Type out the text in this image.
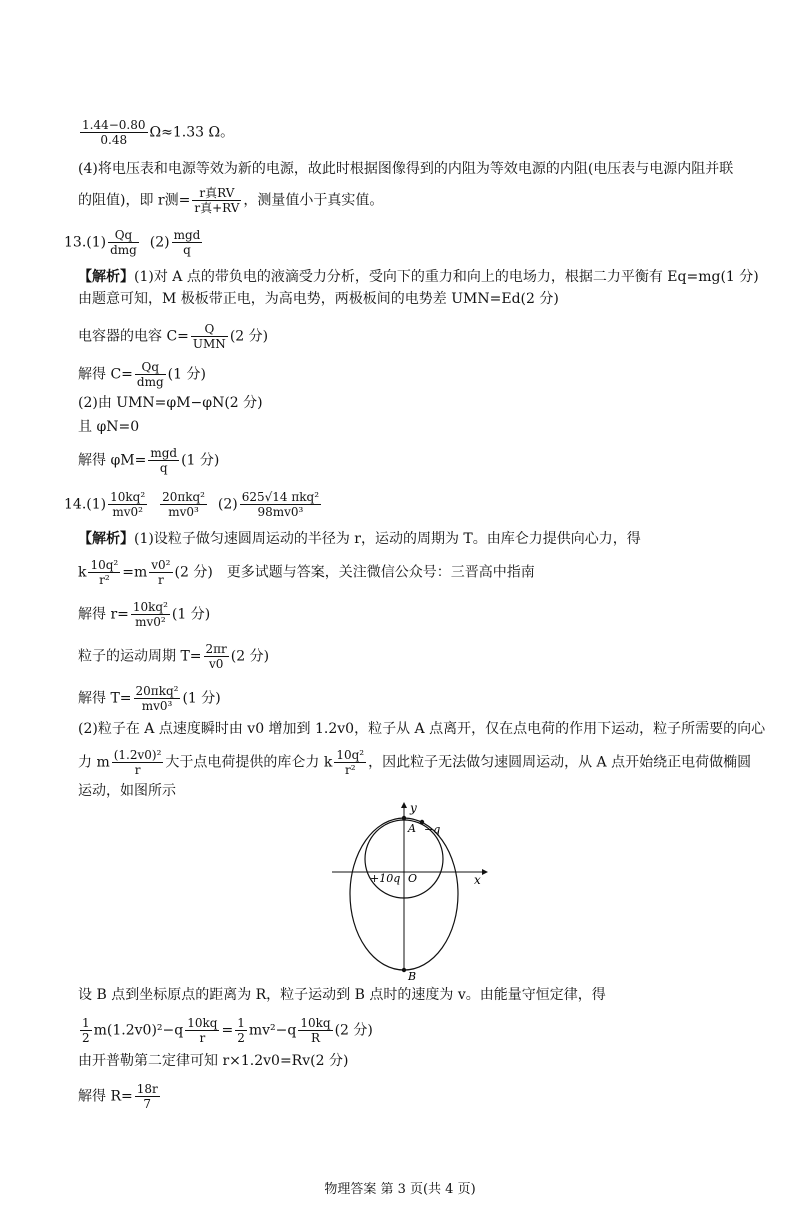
$\frac{1.44-0.80}{0.48} \Omega\approx 1.33$ Ω。
(4)将电压表和电源等效为新的电源，故此时根据图像得到的内阻为等效电源的内阻(电压表与电源内阻并联
的阻值)，即 r测= $\frac{\text{r真RV}}{\text{r真+RV}}$ ，测量值小于真实值。
$13.(1) \frac{Qq}{\text{dmg}} (2) \frac{\text{mgd}}{q}$
【解析】(1)对 A 点的带负电的液滴受力分析，受向下的重力和向上的电场力，根据二力平衡有 Eq=mg(1 分)
由题意可知，M 极板带正电，为高电势，两极板间的电势差 UMN=Ed(2 分)
电容器的电容 $C= \frac{Q}{\text{UMN}} (2$ 分)
解得 $C= \frac{Qq}{\text{dmg}} (1$ 分)
(2)由 UMN=φM−φN(2 分)
且 φN=0
解得 $\varphi M= \frac{\text{mgd}}{q} (1$ 分)
$14.(1) \frac{\text{10kq²}}{\text{mv0²}}$
$\frac{\text{20πkq²}}{\text{mv0³}} (2) \frac{\text{625√14 πkq²}}{\text{98mv0³}}$
【解析】(1)设粒子做匀速圆周运动的半径为 r，运动的周期为 T。由库仑力提供向心力，得
k $\frac{\text{10q²}}{\text{r²}} =m \frac{\text{v0²}}{r} (2$ 分)　更多试题与答案，关注微信公众号：三晋高中指南
解得 $r= \frac{\text{10kq²}}{\text{mv0²}} (1$ 分)
粒子的运动周期 $T= \frac{2\pi r}{v0} (2$ 分)
解得 $T= \frac{\text{20πkq²}}{\text{mv0³}} (1$ 分)
(2)粒子在 A 点速度瞬时由 v0 增加到 1.2v0，粒子从 A 点离开，仅在点电荷的作用下运动，粒子所需要的向心
力 m $\frac{\text{(1.2v0)²}}{r}$ 大于点电荷提供的库仑力 k $\frac{\text{10q²}}{\text{r²}}$ ，因此粒子无法做匀速圆周运动，从 A 点开始绕正电荷做椭圆
运动，如图所示
y
x
A −q
+10q O
B
设 B 点到坐标原点的距离为 R，粒子运动到 B 点时的速度为 v。由能量守恒定律，得
$\frac{1}{2} m(1.2v0)^2-q \frac{10kq}{r} = \frac{1}{2} mv^2-q \frac{10kq}{R} (2$ 分)
由开普勒第二定律可知 r×1.2v0=Rv(2 分)
解得 $R= \frac{18r}{7}$
物理答案 第 3 页(共 4 页)
